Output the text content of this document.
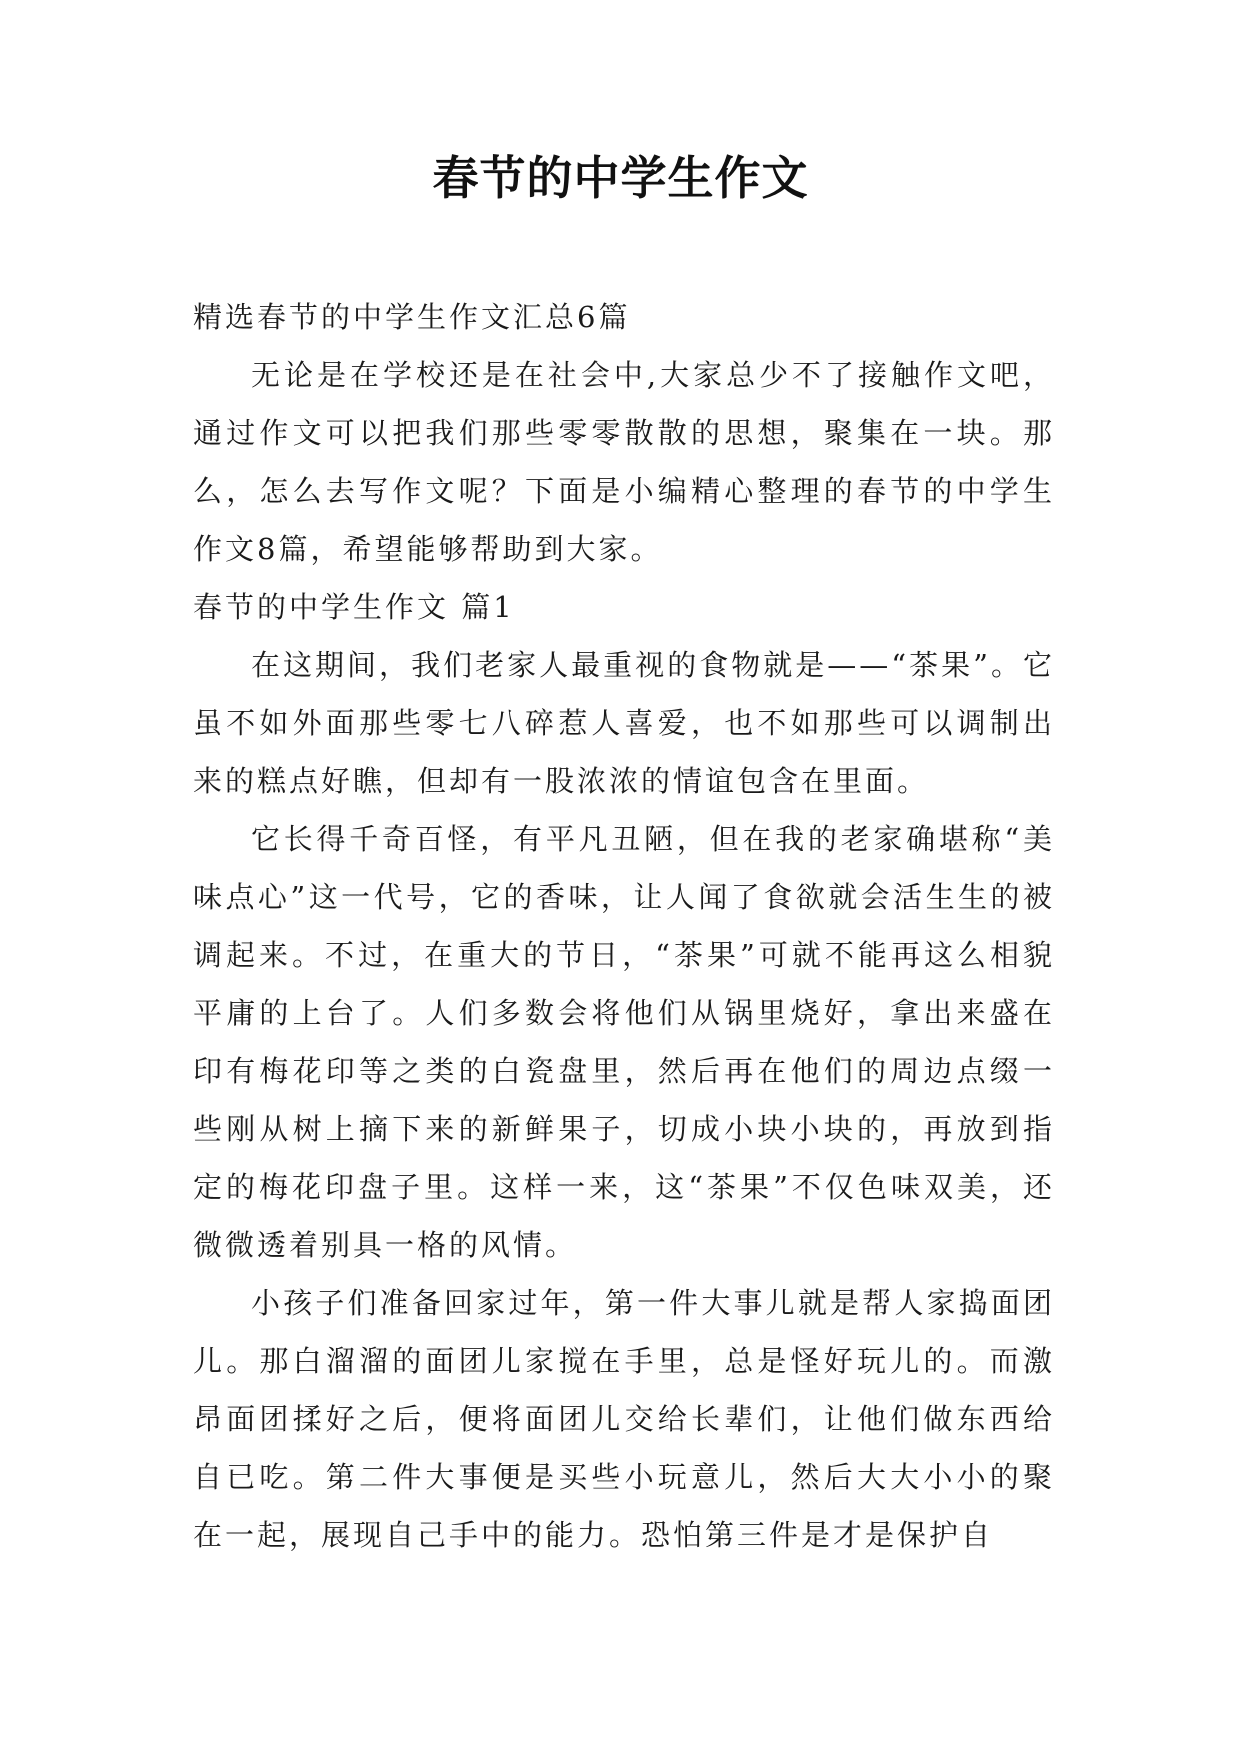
春节的中学生作文

精选春节的中学生作文汇总6篇

无论是在学校还是在社会中,大家总少不了接触作文吧，通过作文可以把我们那些零零散散的思想，聚集在一块。那么，怎么去写作文呢？下面是小编精心整理的春节的中学生作文8篇，希望能够帮助到大家。

春节的中学生作文 篇1

在这期间，我们老家人最重视的食物就是——“茶果”。它虽不如外面那些零七八碎惹人喜爱，也不如那些可以调制出来的糕点好瞧，但却有一股浓浓的情谊包含在里面。

它长得千奇百怪，有平凡丑陋，但在我的老家确堪称“美味点心”这一代号，它的香味，让人闻了食欲就会活生生的被调起来。不过，在重大的节日，“茶果”可就不能再这么相貌平庸的上台了。人们多数会将他们从锅里烧好，拿出来盛在印有梅花印等之类的白瓷盘里，然后再在他们的周边点缀一些刚从树上摘下来的新鲜果子，切成小块小块的，再放到指定的梅花印盘子里。这样一来，这“茶果”不仅色味双美，还微微透着别具一格的风情。

小孩子们准备回家过年，第一件大事儿就是帮人家捣面团儿。那白溜溜的面团儿家搅在手里，总是怪好玩儿的。而激昂面团揉好之后，便将面团儿交给长辈们，让他们做东西给自已吃。第二件大事便是买些小玩意儿，然后大大小小的聚在一起，展现自己手中的能力。恐怕第三件是才是保护自
